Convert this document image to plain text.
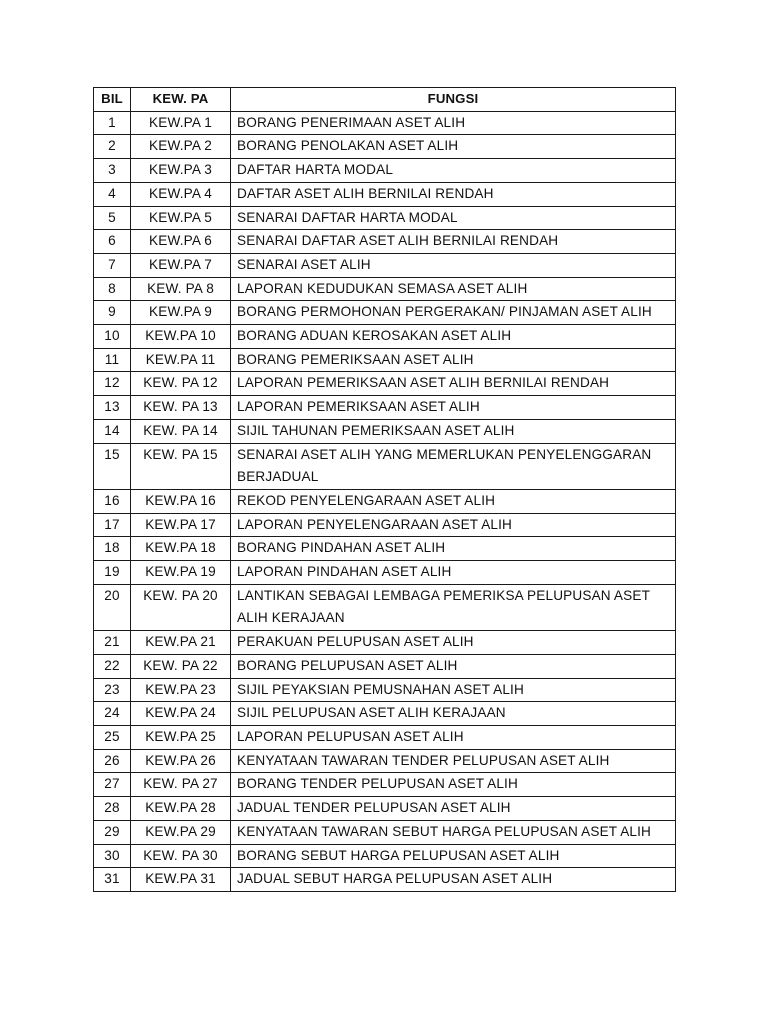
BIL	KEW. PA	FUNGSI
1	KEW.PA 1	BORANG PENERIMAAN ASET ALIH
2	KEW.PA 2	BORANG PENOLAKAN ASET ALIH
3	KEW.PA 3	DAFTAR HARTA MODAL
4	KEW.PA 4	DAFTAR ASET ALIH BERNILAI RENDAH
5	KEW.PA 5	SENARAI DAFTAR HARTA MODAL
6	KEW.PA 6	SENARAI DAFTAR ASET ALIH BERNILAI RENDAH
7	KEW.PA 7	SENARAI ASET ALIH
8	KEW. PA 8	LAPORAN KEDUDUKAN SEMASA ASET ALIH
9	KEW.PA 9	BORANG PERMOHONAN PERGERAKAN/ PINJAMAN ASET ALIH
10	KEW.PA 10	BORANG ADUAN KEROSAKAN ASET ALIH
11	KEW.PA 11	BORANG PEMERIKSAAN ASET ALIH
12	KEW. PA 12	LAPORAN PEMERIKSAAN ASET ALIH BERNILAI RENDAH
13	KEW. PA 13	LAPORAN PEMERIKSAAN ASET ALIH
14	KEW. PA 14	SIJIL TAHUNAN PEMERIKSAAN ASET ALIH
15	KEW. PA 15	SENARAI ASET ALIH YANG MEMERLUKAN PENYELENGGARAN BERJADUAL
16	KEW.PA 16	REKOD PENYELENGARAAN ASET ALIH
17	KEW.PA 17	LAPORAN PENYELENGARAAN ASET ALIH
18	KEW.PA 18	BORANG PINDAHAN ASET ALIH
19	KEW.PA 19	LAPORAN PINDAHAN ASET ALIH
20	KEW. PA 20	LANTIKAN SEBAGAI LEMBAGA PEMERIKSA PELUPUSAN ASET ALIH KERAJAAN
21	KEW.PA 21	PERAKUAN PELUPUSAN ASET ALIH
22	KEW. PA 22	BORANG PELUPUSAN ASET ALIH
23	KEW.PA 23	SIJIL PEYAKSIAN PEMUSNAHAN ASET ALIH
24	KEW.PA 24	SIJIL PELUPUSAN ASET ALIH KERAJAAN
25	KEW.PA 25	LAPORAN PELUPUSAN ASET ALIH
26	KEW.PA 26	KENYATAAN TAWARAN TENDER PELUPUSAN ASET ALIH
27	KEW. PA 27	BORANG TENDER PELUPUSAN ASET ALIH
28	KEW.PA 28	JADUAL TENDER PELUPUSAN ASET ALIH
29	KEW.PA 29	KENYATAAN TAWARAN SEBUT HARGA PELUPUSAN ASET ALIH
30	KEW. PA 30	BORANG SEBUT HARGA PELUPUSAN ASET ALIH
31	KEW.PA 31	JADUAL SEBUT HARGA PELUPUSAN ASET ALIH
